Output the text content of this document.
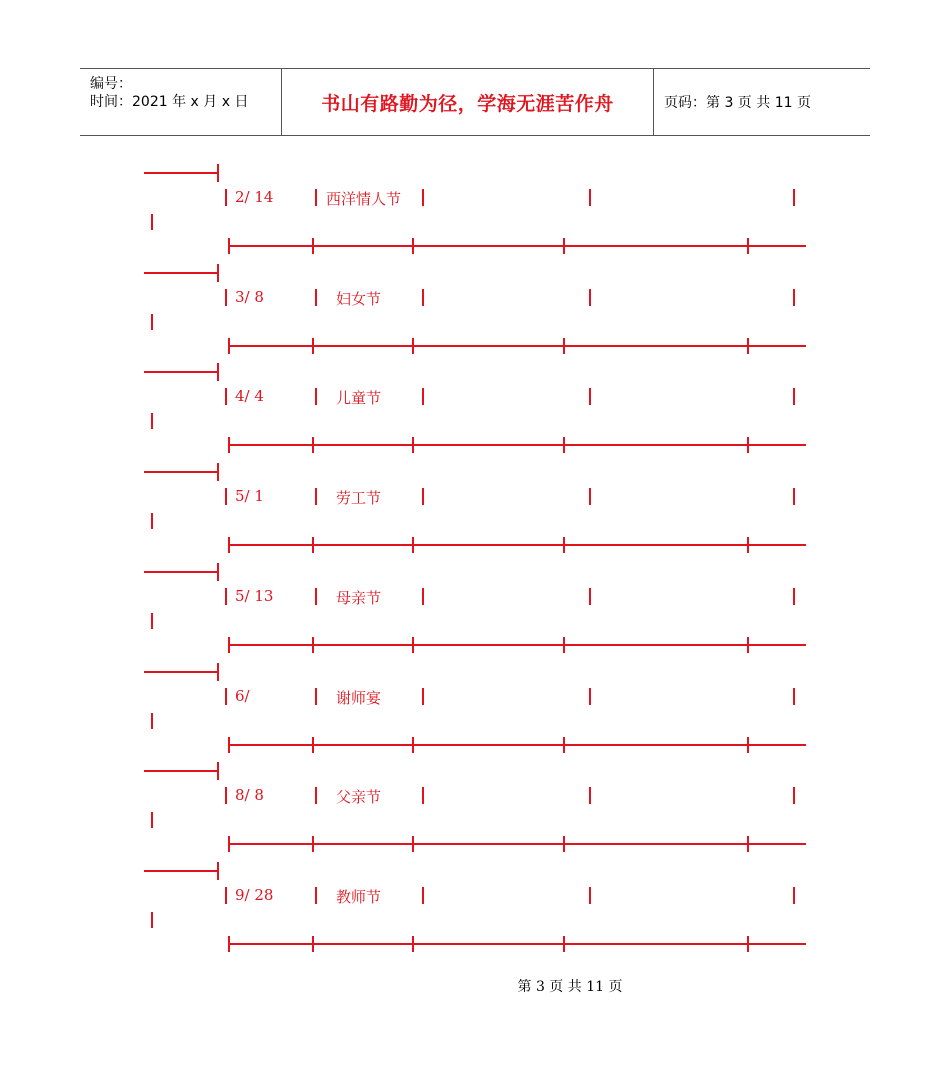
编号：
时间：2021 年 x 月 x 日	书山有路勤为径，学海无涯苦作舟	页码：第 3 页 共 11 页
2/ 14	西洋情人节
3/ 8	妇女节
4/ 4	儿童节
5/ 1	劳工节
5/ 13	母亲节
6/	谢师宴
8/ 8	父亲节
9/ 28	教师节
第 3 页 共 11 页
